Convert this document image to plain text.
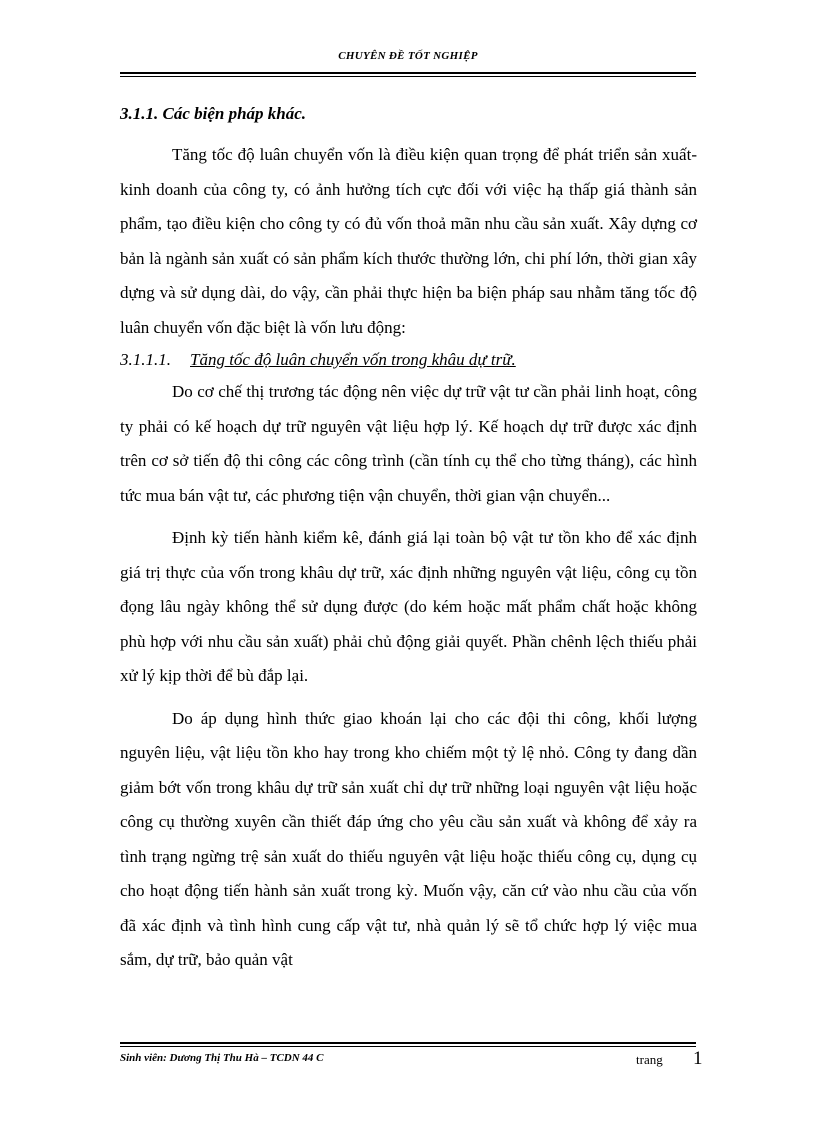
CHUYÊN ĐỀ TỐT NGHIỆP
3.1.1. Các biện pháp khác.

Tăng tốc độ luân chuyển vốn là điều kiện quan trọng để phát triển sản xuất- kinh doanh của công ty, có ảnh hưởng tích cực đối với việc hạ thấp giá thành sản phẩm, tạo điều kiện cho công ty có đủ vốn thoả mãn nhu cầu sản xuất. Xây dựng cơ bản là ngành sản xuất có sản phẩm kích thước thường lớn, chi phí lớn, thời gian xây dựng và sử dụng dài, do vậy, cần phải thực hiện ba biện pháp sau nhằm tăng tốc độ luân chuyển vốn đặc biệt là vốn lưu động:

3.1.1.1.	Tăng tốc độ luân chuyển vốn trong khâu dự trữ.

Do cơ chế thị trương tác động nên việc dự trữ vật tư cần phải linh hoạt, công ty phải có kế hoạch dự trữ nguyên vật liệu hợp lý. Kế hoạch dự trữ được xác định trên cơ sở tiến độ thi công các công trình (cần tính cụ thể cho từng tháng), các hình tức mua bán vật tư, các phương tiện vận chuyển, thời gian vận chuyển...

Định kỳ tiến hành kiểm kê, đánh giá lại toàn bộ vật tư tồn kho để xác định giá trị thực của vốn trong khâu dự trữ, xác định những nguyên vật liệu, công cụ tồn đọng lâu ngày không thể sử dụng được (do kém hoặc mất phẩm chất hoặc không phù hợp với nhu cầu sản xuất) phải chủ động giải quyết. Phần chênh lệch thiếu phải xử lý kịp thời để bù đắp lại.

Do áp dụng hình thức giao khoán lại cho các đội thi công, khối lượng nguyên liệu, vật liệu tồn kho hay trong kho chiếm một tỷ lệ nhỏ. Công ty đang dần giảm bớt vốn trong khâu dự trữ sản xuất chỉ dự trữ những loại nguyên vật liệu hoặc công cụ thường xuyên cần thiết đáp ứng cho yêu cầu sản xuất và không để xảy ra tình trạng ngừng trệ sản xuất do thiếu nguyên vật liệu hoặc thiếu công cụ, dụng cụ cho hoạt động tiến hành sản xuất trong kỳ. Muốn vậy, căn cứ vào nhu cầu của vốn đã xác định và tình hình cung cấp vật tư, nhà quản lý sẽ tổ chức hợp lý việc mua sắm, dự trữ, bảo quản vật

Sinh viên: Dương Thị Thu Hà – TCDN 44 C	trang 1
